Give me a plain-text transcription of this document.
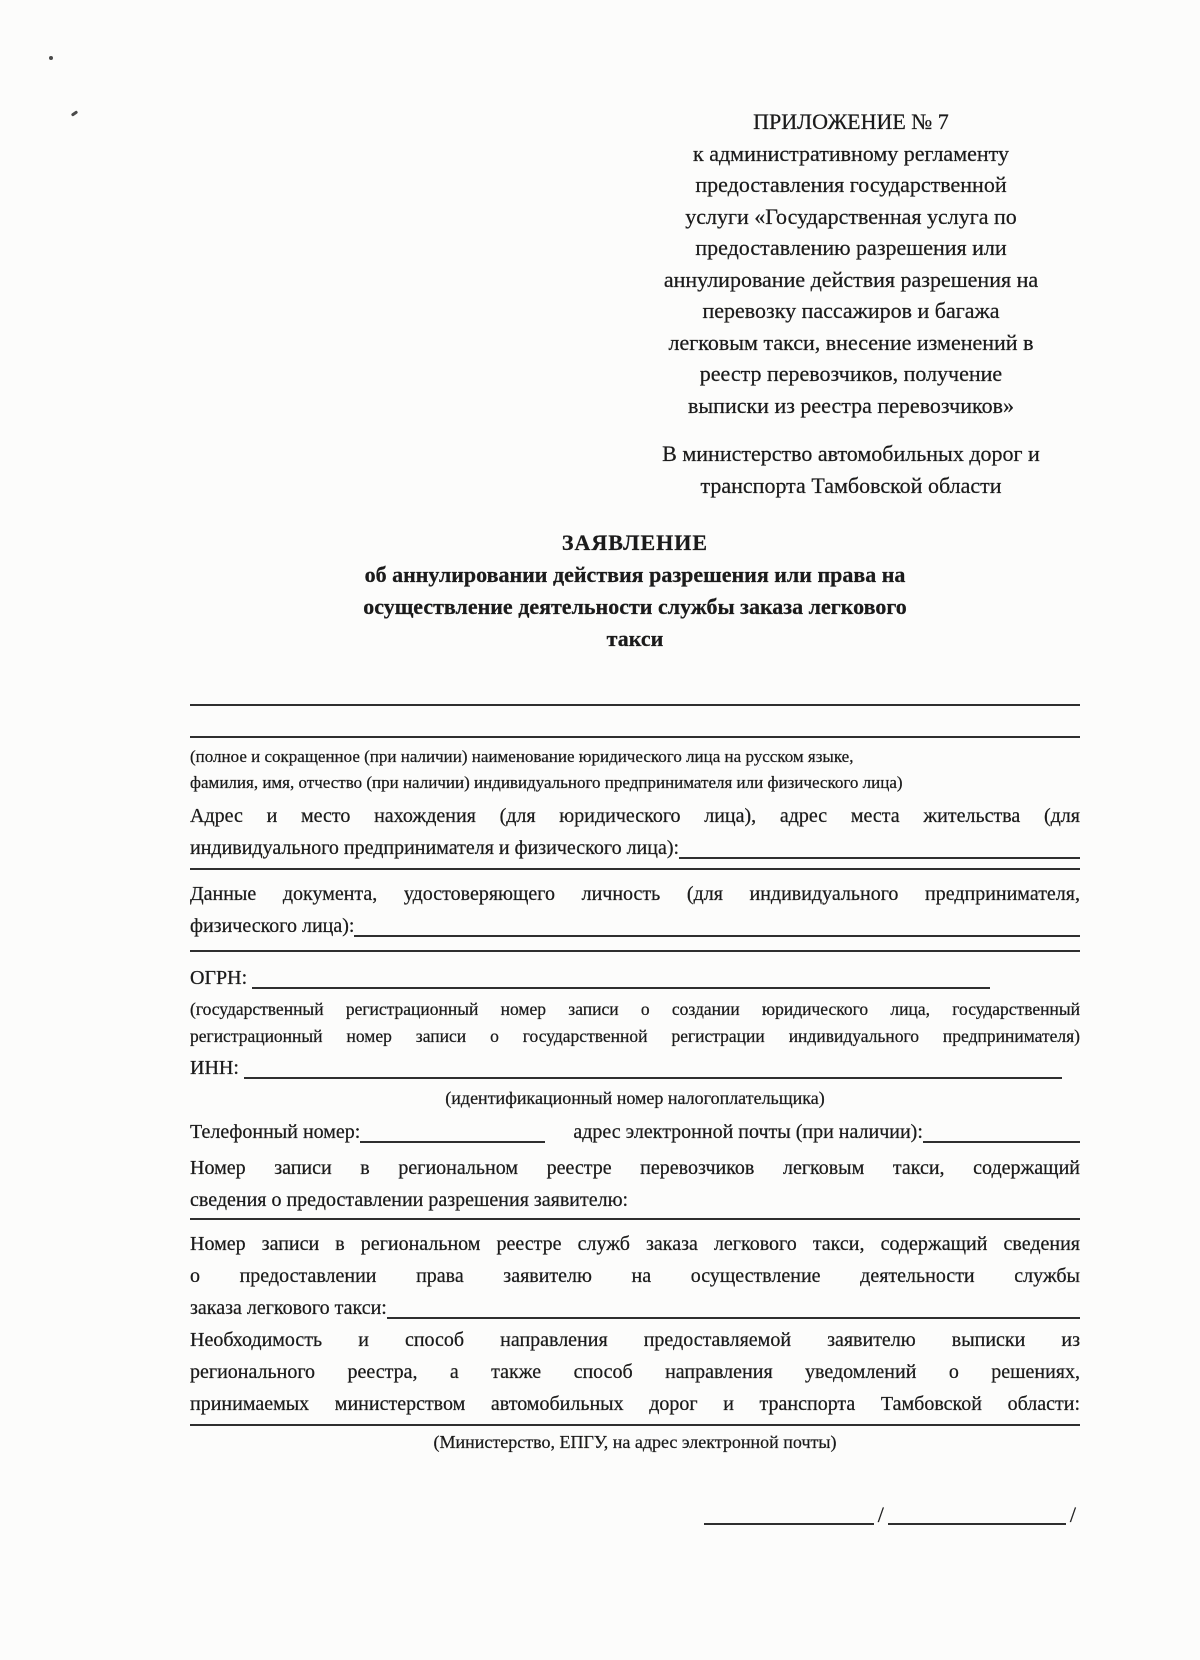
ПРИЛОЖЕНИЕ № 7
к административному регламенту
предоставления государственной
услуги «Государственная услуга по
предоставлению разрешения или
аннулирование действия разрешения на
перевозку пассажиров и багажа
легковым такси, внесение изменений в
реестр перевозчиков, получение
выписки из реестра перевозчиков»
В министерство автомобильных дорог и
транспорта Тамбовской области
ЗАЯВЛЕНИЕ
об аннулировании действия разрешения или права на
осуществление деятельности службы заказа легкового
такси
(полное и сокращенное (при наличии) наименование юридического лица на русском языке,
фамилия, имя, отчество (при наличии) индивидуального предпринимателя или физического лица)
Адрес и место нахождения (для юридического лица), адрес места жительства (для
индивидуального предпринимателя и физического лица):
Данные документа, удостоверяющего личность (для индивидуального предпринимателя,
физического лица):
ОГРН:
(государственный регистрационный номер записи о создании юридического лица, государственный
регистрационный номер записи о государственной регистрации индивидуального предпринимателя)
ИНН:
(идентификационный номер налогоплательщика)
Телефонный номер:	адрес электронной почты (при наличии):
Номер записи в региональном реестре перевозчиков легковым такси, содержащий
сведения о предоставлении разрешения заявителю:
Номер записи в региональном реестре служб заказа легкового такси, содержащий сведения
о предоставлении права заявителю на осуществление деятельности службы
заказа легкового такси:
Необходимость и способ направления предоставляемой заявителю выписки из
регионального реестра, а также способ направления уведомлений о решениях,
принимаемых министерством автомобильных дорог и транспорта Тамбовской области:
(Министерство, ЕПГУ, на адрес электронной почты)
/	/
